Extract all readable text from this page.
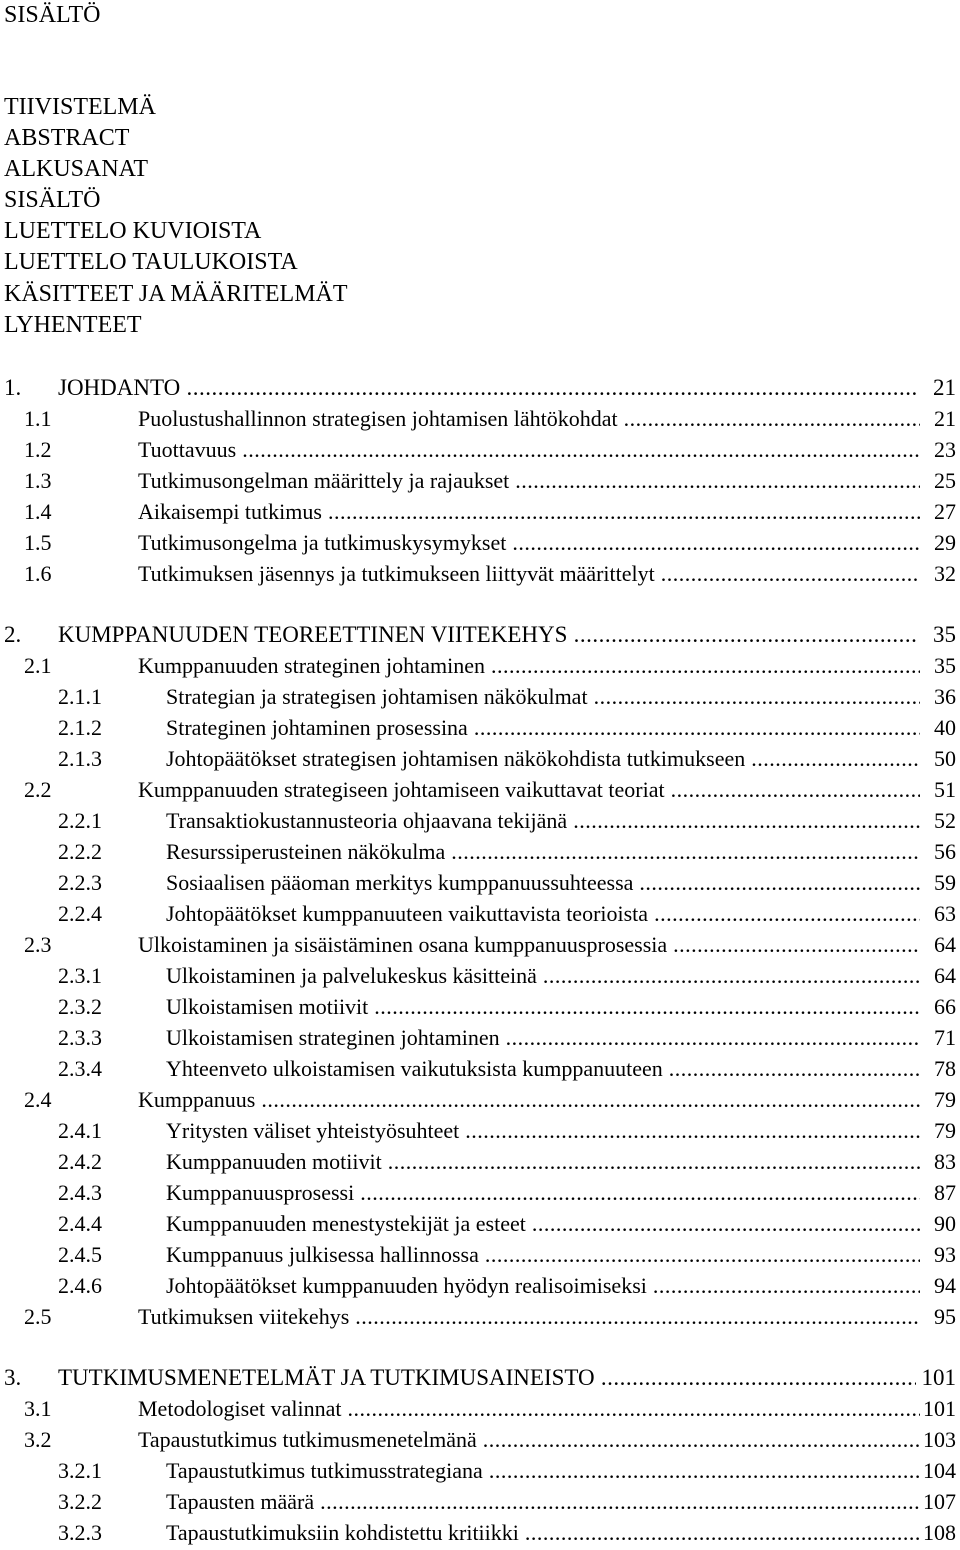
SISÄLTÖ
TIIVISTELMÄ
ABSTRACT
ALKUSANAT
SISÄLTÖ
LUETTELO KUVIOISTA
LUETTELO TAULUKOISTA
KÄSITTEET JA MÄÄRITELMÄT
LYHENTEET
1. JOHDANTO .....	21
1.1	Puolustushallinnon strategisen johtamisen lähtökohdat .....	21
1.2	Tuottavuus .....	23
1.3	Tutkimusongelman määrittely ja rajaukset .....	25
1.4	Aikaisempi tutkimus .....	27
1.5	Tutkimusongelma ja tutkimuskysymykset .....	29
1.6	Tutkimuksen jäsennys ja tutkimukseen liittyvät määrittelyt .....	32
2. KUMPPANUUDEN TEOREETTINEN VIITEKEHYS .....	35
2.1	Kumppanuuden strateginen johtaminen .....	35
2.1.1	Strategian ja strategisen johtamisen näkökulmat .....	36
2.1.2	Strateginen johtaminen prosessina .....	40
2.1.3	Johtopäätökset strategisen johtamisen näkökohdista tutkimukseen .....	50
2.2	Kumppanuuden strategiseen johtamiseen vaikuttavat teoriat .....	51
2.2.1	Transaktiokustannusteoria ohjaavana tekijänä .....	52
2.2.2	Resurssiperusteinen näkökulma .....	56
2.2.3	Sosiaalisen pääoman merkitys kumppanuussuhteessa .....	59
2.2.4	Johtopäätökset kumppanuuteen vaikuttavista teorioista .....	63
2.3	Ulkoistaminen ja sisäistäminen osana kumppanuusprosessia .....	64
2.3.1	Ulkoistaminen ja palvelukeskus käsitteinä .....	64
2.3.2	Ulkoistamisen motiivit .....	66
2.3.3	Ulkoistamisen strateginen johtaminen .....	71
2.3.4	Yhteenveto ulkoistamisen vaikutuksista kumppanuuteen .....	78
2.4	Kumppanuus .....	79
2.4.1	Yritysten väliset yhteistyösuhteet .....	79
2.4.2	Kumppanuuden motiivit .....	83
2.4.3	Kumppanuusprosessi .....	87
2.4.4	Kumppanuuden menestystekijät ja esteet .....	90
2.4.5	Kumppanuus julkisessa hallinnossa .....	93
2.4.6	Johtopäätökset kumppanuuden hyödyn realisoimiseksi .....	94
2.5	Tutkimuksen viitekehys .....	95
3. TUTKIMUSMENETELMÄT JA TUTKIMUSAINEISTO .....	101
3.1	Metodologiset valinnat .....	101
3.2	Tapaustutkimus tutkimusmenetelmänä .....	103
3.2.1	Tapaustutkimus tutkimusstrategiana .....	104
3.2.2	Tapausten määrä .....	107
3.2.3	Tapaustutkimuksiin kohdistettu kritiikki .....	108
